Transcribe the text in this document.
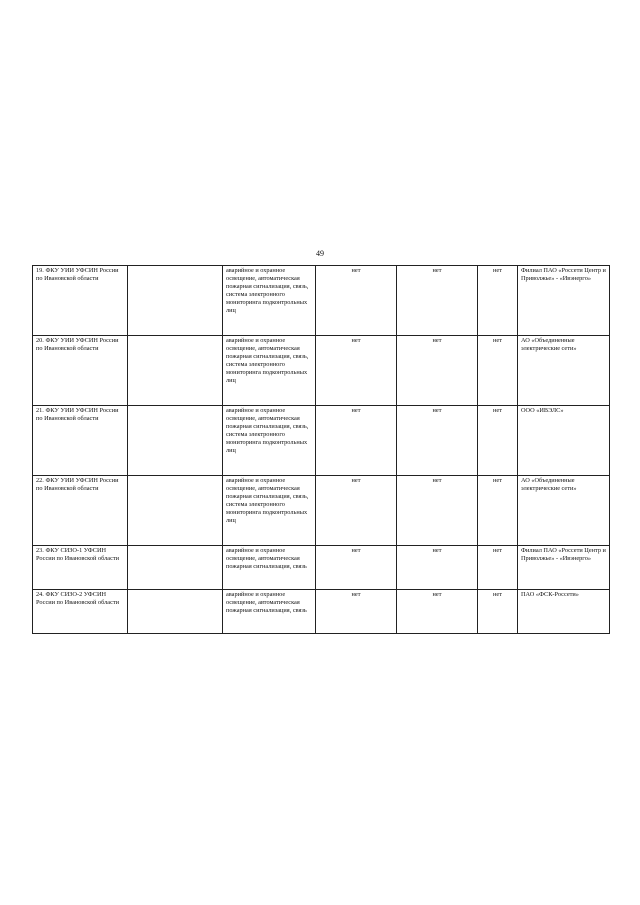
49
19. ФКУ УИИ УФСИН России по Ивановской области		аварийное и охранное освещение, автоматическая пожарная сигнализация, связь, система электронного мониторинга подконтрольных лиц	нет	нет	нет	Филиал ПАО «Россети Центр и Приволжье» - «Ивэнерго»
20. ФКУ УИИ УФСИН России по Ивановской области		аварийное и охранное освещение, автоматическая пожарная сигнализация, связь, система электронного мониторинга подконтрольных лиц	нет	нет	нет	АО «Объединенные электрические сети»
21. ФКУ УИИ УФСИН России по Ивановской области		аварийное и охранное освещение, автоматическая пожарная сигнализация, связь, система электронного мониторинга подконтрольных лиц	нет	нет	нет	ООО «ИВЭЛС»
22. ФКУ УИИ УФСИН России по Ивановской области		аварийное и охранное освещение, автоматическая пожарная сигнализация, связь, система электронного мониторинга подконтрольных лиц	нет	нет	нет	АО «Объединенные электрические сети»
23. ФКУ СИЗО-1 УФСИН России по Ивановской области		аварийное и охранное освещение, автоматическая пожарная сигнализация, связь	нет	нет	нет	Филиал ПАО «Россети Центр и Приволжье» - «Ивэнерго»
24. ФКУ СИЗО-2 УФСИН России по Ивановской области		аварийное и охранное освещение, автоматическая пожарная сигнализация, связь	нет	нет	нет	ПАО «ФСК-Россети»
